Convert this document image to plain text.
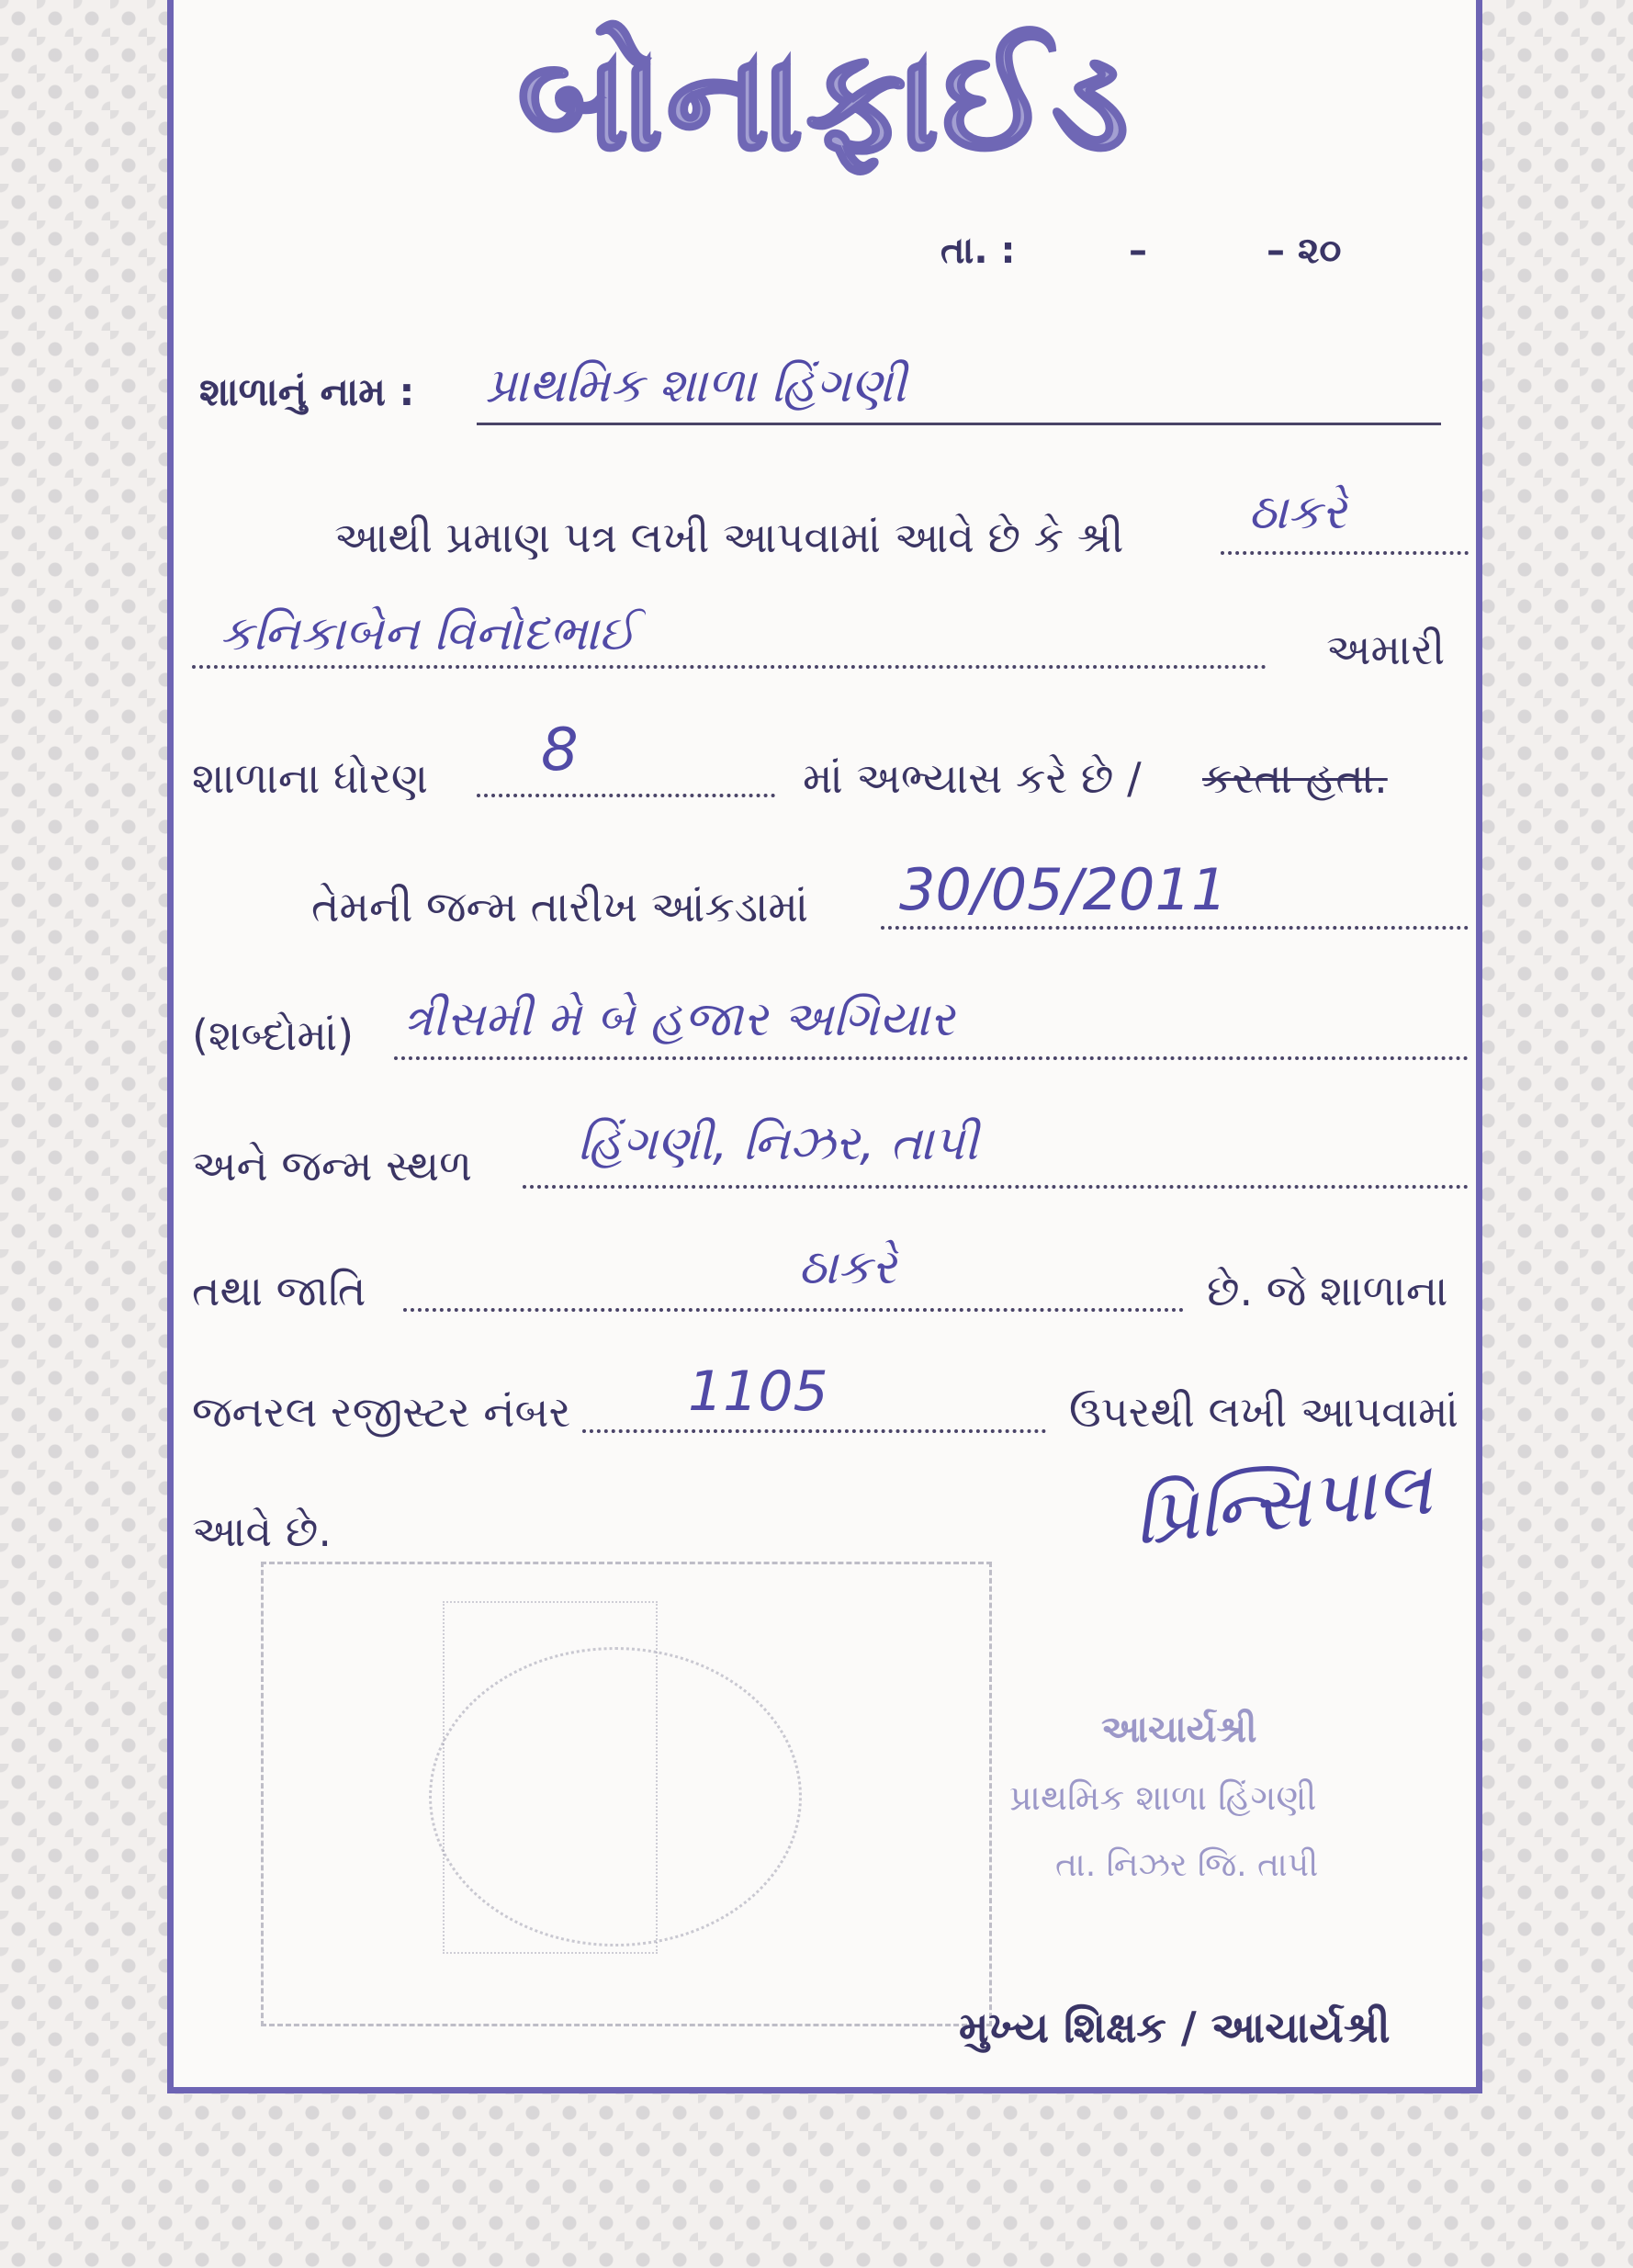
બોનાફાઈડ
તા. :	–	– ૨૦
શાળાનું નામ : પ્રાથમિક શાળા હિંગણી
આથી પ્રમાણ પત્ર લખી આપવામાં આવે છે કે શ્રી	ઠાકરે
કનિકાબેન વિનોદભાઈ	અમારી
શાળાના ધોરણ 8	માં અભ્યાસ કરે છે / કરતા હતા.
તેમની જન્મ તારીખ આંકડામાં 30/05/2011
(શબ્દોમાં) ત્રીસમી મે બે હજાર અગિયાર
અને જન્મ સ્થળ હિંગણી, નિઝર, તાપી
તથા જાતિ	ઠાકરે	છે. જે શાળાના
જનરલ રજીસ્ટર નંબર 1105	ઉપરથી લખી આપવામાં
આવે છે.	પ્રિન્સિપાલ
આચાર્યશ્રી
પ્રાથમિક શાળા હિંગણી
તા. નિઝર જિ. તાપી
મુખ્ય શિક્ષક / આચાર્યશ્રી
